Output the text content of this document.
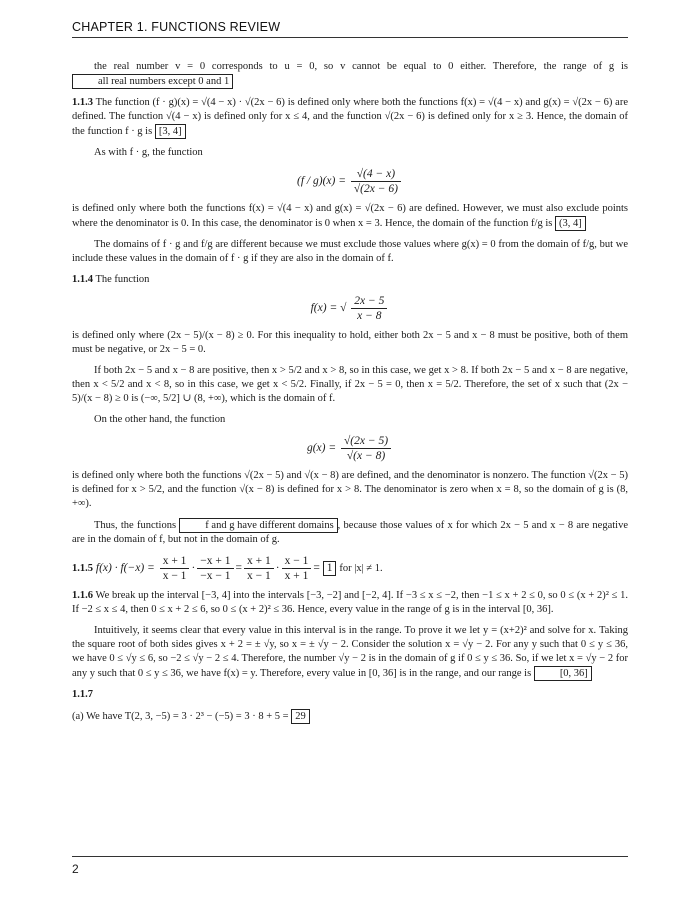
CHAPTER 1. FUNCTIONS REVIEW

the real number v = 0 corresponds to u = 0, so v cannot be equal to 0 either. Therefore, the range of g is all real numbers except 0 and 1

1.1.3 The function (f · g)(x) = √(4 − x) · √(2x − 6) is defined only where both the functions f(x) = √(4 − x) and g(x) = √(2x − 6) are defined. The function √(4 − x) is defined only for x ≤ 4, and the function √(2x − 6) is defined only for x ≥ 3. Hence, the domain of the function f · g is [3, 4]

As with f · g, the function

$(f / g)(x) = \frac{√(4 - x)}{√(2x - 6)}$

is defined only where both the functions f(x) = √(4 − x) and g(x) = √(2x − 6) are defined. However, we must also exclude points where the denominator is 0. In this case, the denominator is 0 when x = 3. Hence, the domain of the function f/g is (3, 4]

The domains of f · g and f/g are different because we must exclude those values where g(x) = 0 from the domain of f/g, but we include these values in the domain of f · g if they are also in the domain of f.

1.1.4 The function

f(x) = √ $\frac{2x - 5}{x - 8}$

is defined only where (2x − 5)/(x − 8) ≥ 0. For this inequality to hold, either both 2x − 5 and x − 8 must be positive, both of them must be negative, or 2x − 5 = 0.

If both 2x − 5 and x − 8 are positive, then x > 5/2 and x > 8, so in this case, we get x > 8. If both 2x − 5 and x − 8 are negative, then x < 5/2 and x < 8, so in this case, we get x < 5/2. Finally, if 2x − 5 = 0, then x = 5/2. Therefore, the set of x such that (2x − 5)/(x − 8) ≥ 0 is (−∞, 5/2] ∪ (8, +∞), which is the domain of f.

On the other hand, the function

$g(x) = \frac{√(2x - 5)}{√(x - 8)}$

is defined only where both the functions √(2x − 5) and √(x − 8) are defined, and the denominator is nonzero. The function √(2x − 5) is defined for x > 5/2, and the function √(x − 8) is defined for x > 8. The denominator is zero when x = 8, so the domain of g is (8, +∞).

Thus, the functions	f and g have different domains , because those values of x for which 2x − 5 and x − 8 are negative are in the domain of f, but not in the domain of g.

1.1.5 $f(x) \cdot f(-x) = \frac{x + 1}{x - 1} \cdot \frac{-x + 1}{-x - 1} = \frac{x + 1}{x - 1} \cdot \frac{x - 1}{x + 1} = 1$ for |x| ≠ 1.

1.1.6 We break up the interval [−3, 4] into the intervals [−3, −2] and [−2, 4]. If −3 ≤ x ≤ −2, then −1 ≤ x + 2 ≤ 0, so 0 ≤ (x + 2)² ≤ 1. If −2 ≤ x ≤ 4, then 0 ≤ x + 2 ≤ 6, so 0 ≤ (x + 2)² ≤ 36. Hence, every value in the range of g is in the interval [0, 36].

Intuitively, it seems clear that every value in this interval is in the range. To prove it we let y = (x+2)² and solve for x. Taking the square root of both sides gives x + 2 = ± √y, so x = ± √y − 2. Consider the solution x = √y − 2. For any y such that 0 ≤ y ≤ 36, we have 0 ≤ √y ≤ 6, so −2 ≤ √y − 2 ≤ 4. Therefore, the number √y − 2 is in the domain of g if 0 ≤ y ≤ 36. So, if we let x = √y − 2 for any y such that 0 ≤ y ≤ 36, we have f(x) = y. Therefore, every value in [0, 36] is in the range, and our range is	[0, 36]

1.1.7

(a) We have T(2, 3, −5) = 3 · 2³ − (−5) = 3 · 8 + 5 = 29

2
